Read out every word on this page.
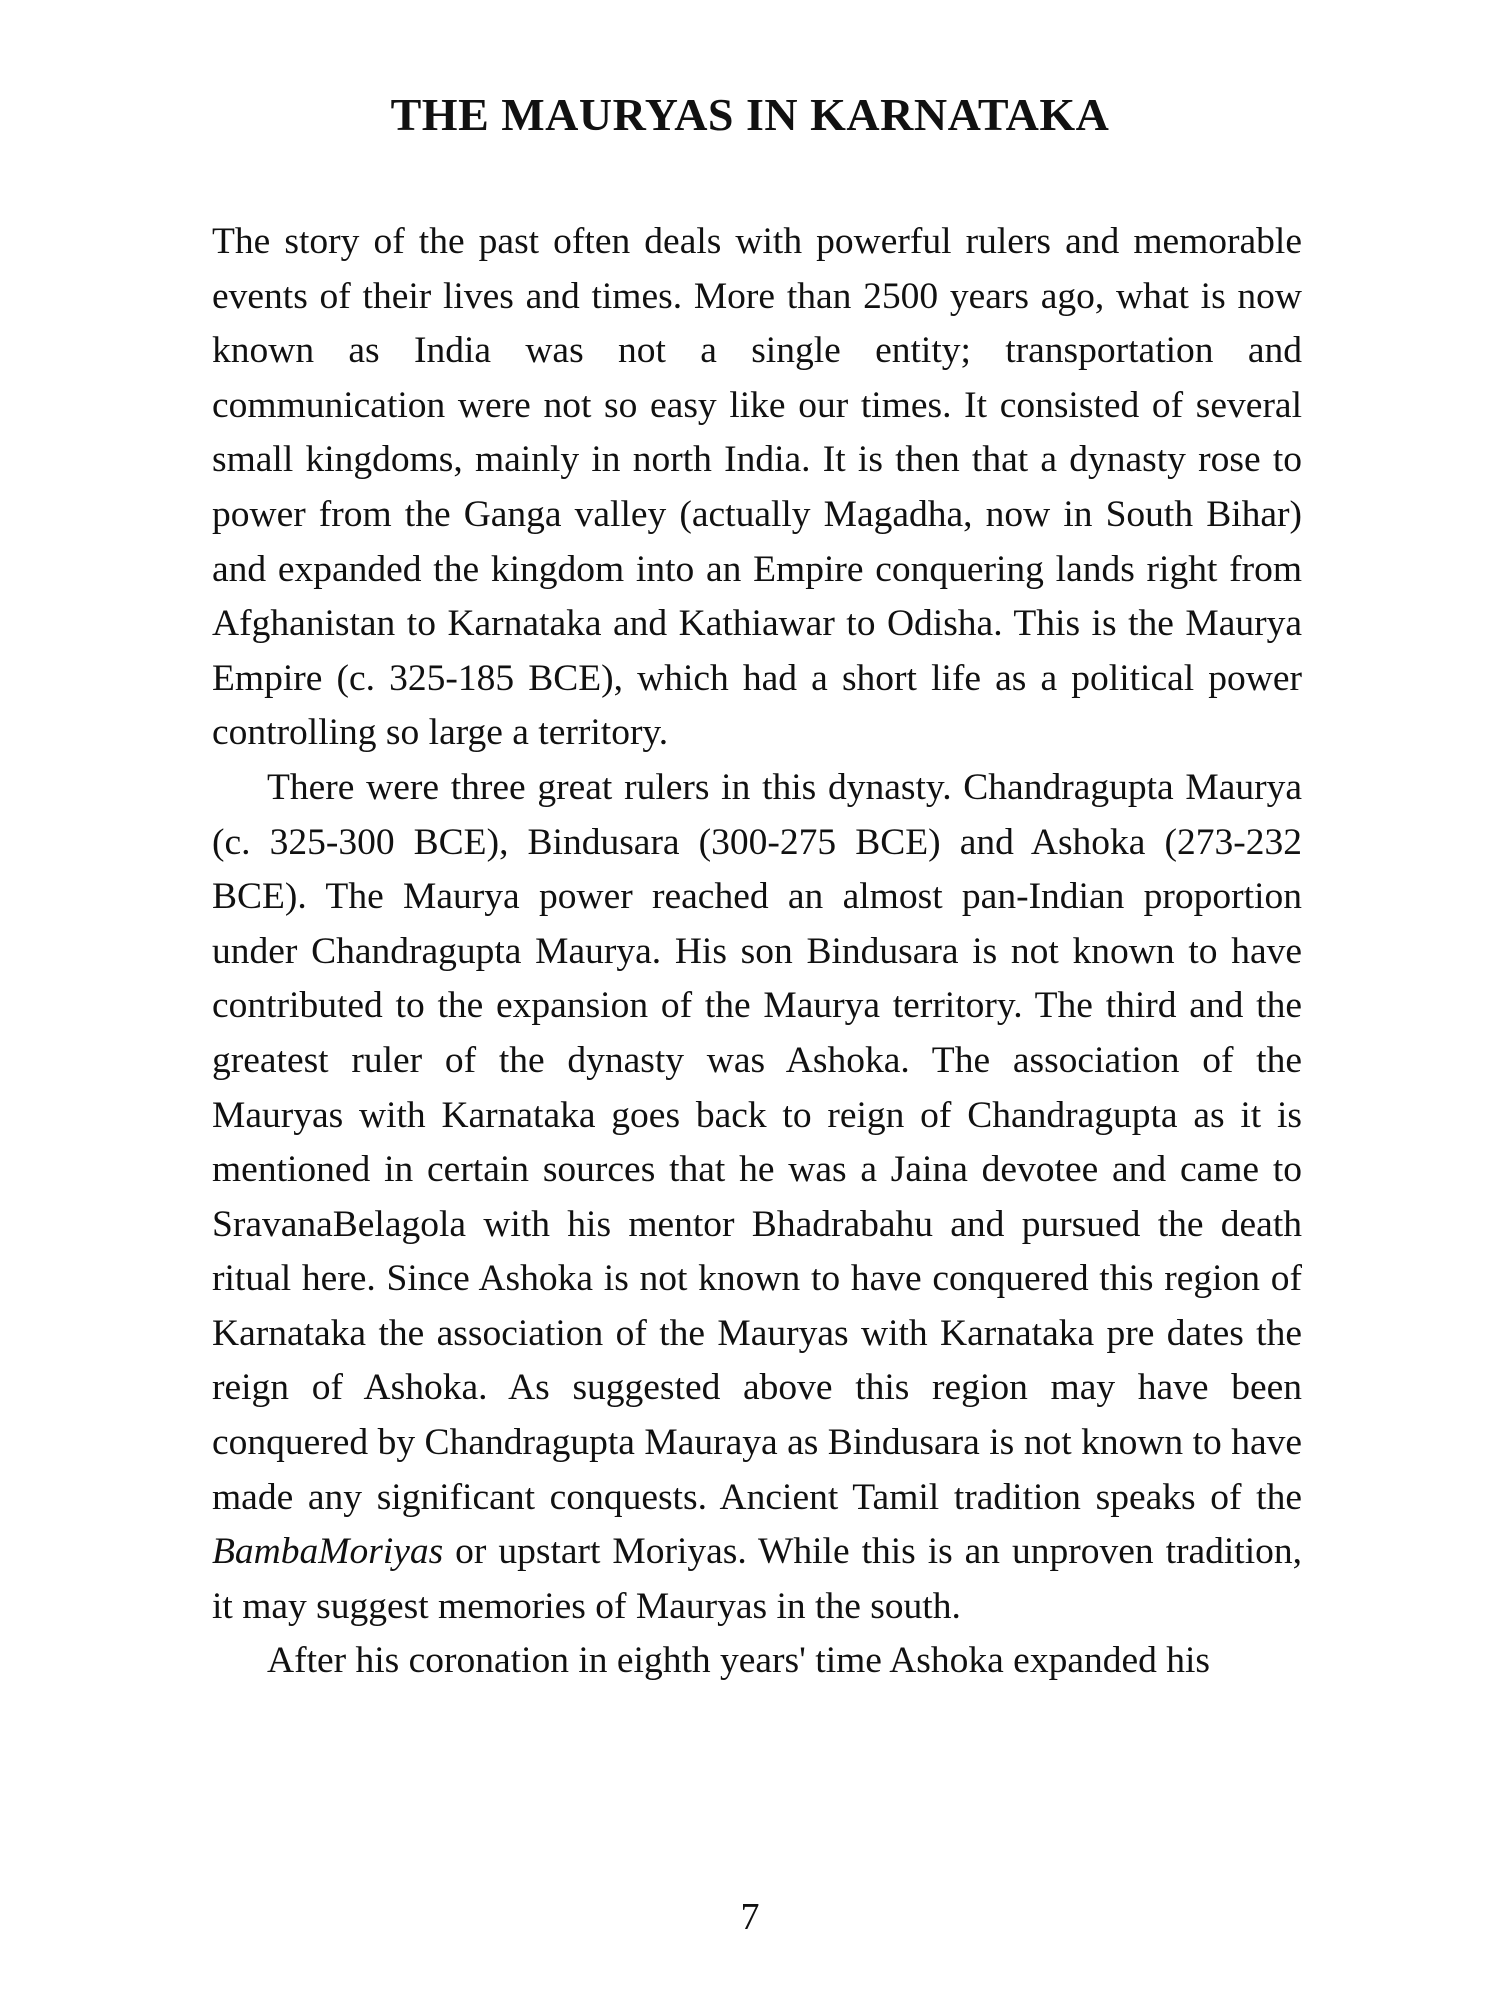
THE MAURYAS IN KARNATAKA

The story of the past often deals with powerful rulers and memorable events of their lives and times. More than 2500 years ago, what is now known as India was not a single entity; transportation and communication were not so easy like our times. It consisted of several small kingdoms, mainly in north India. It is then that a dynasty rose to power from the Ganga valley (actually Magadha, now in South Bihar) and expanded the kingdom into an Empire conquering lands right from Afghanistan to Karnataka and Kathiawar to Odisha. This is the Maurya Empire (c. 325-185 BCE), which had a short life as a political power controlling so large a territory.

There were three great rulers in this dynasty. Chandragupta Maurya (c. 325-300 BCE), Bindusara (300-275 BCE) and Ashoka (273-232 BCE). The Maurya power reached an almost pan-Indian proportion under Chandragupta Maurya. His son Bindusara is not known to have contributed to the expansion of the Maurya territory. The third and the greatest ruler of the dynasty was Ashoka. The association of the Mauryas with Karnataka goes back to reign of Chandragupta as it is mentioned in certain sources that he was a Jaina devotee and came to SravanaBelagola with his mentor Bhadrabahu and pursued the death ritual here. Since Ashoka is not known to have conquered this region of Karnataka the association of the Mauryas with Karnataka pre dates the reign of Ashoka. As suggested above this region may have been conquered by Chandragupta Mauraya as Bindusara is not known to have made any significant conquests. Ancient Tamil tradition speaks of the BambaMoriyas or upstart Moriyas. While this is an unproven tradition, it may suggest memories of Mauryas in the south.

After his coronation in eighth years' time Ashoka expanded his

7
